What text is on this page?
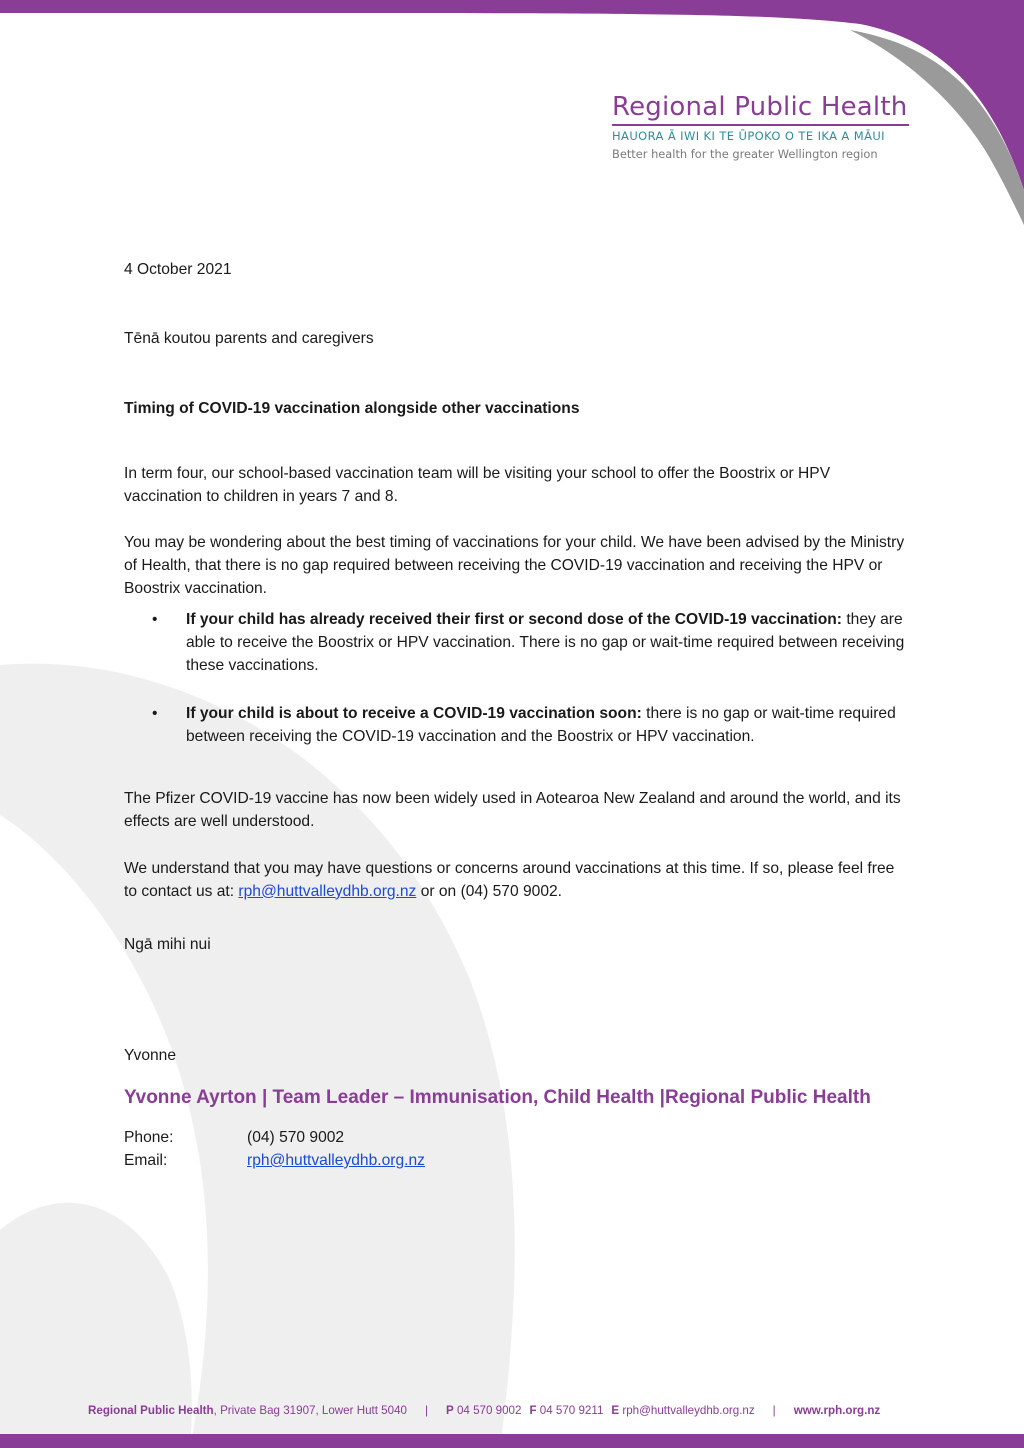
Regional Public Health
HAUORA Ā IWI KI TE ŪPOKO O TE IKA A MĀUI
Better health for the greater Wellington region
4 October 2021
Tēnā koutou parents and caregivers
Timing of COVID-19 vaccination alongside other vaccinations

In term four, our school-based vaccination team will be visiting your school to offer the Boostrix or HPV vaccination to children in years 7 and 8.

You may be wondering about the best timing of vaccinations for your child. We have been advised by the Ministry of Health, that there is no gap required between receiving the COVID-19 vaccination and receiving the HPV or Boostrix vaccination.

•	If your child has already received their first or second dose of the COVID-19 vaccination: they are able to receive the Boostrix or HPV vaccination. There is no gap or wait-time required between receiving these vaccinations.
•	If your child is about to receive a COVID-19 vaccination soon: there is no gap or wait-time required between receiving the COVID-19 vaccination and the Boostrix or HPV vaccination.

The Pfizer COVID-19 vaccine has now been widely used in Aotearoa New Zealand and around the world, and its effects are well understood.

We understand that you may have questions or concerns around vaccinations at this time. If so, please feel free to contact us at: rph@huttvalleydhb.org.nz or on (04) 570 9002.

Ngā mihi nui
Yvonne
Yvonne Ayrton | Team Leader – Immunisation, Child Health |Regional Public Health
Phone:	(04) 570 9002
Email:	rph@huttvalleydhb.org.nz
Regional Public Health, Private Bag 31907, Lower Hutt 5040 | P 04 570 9002 F 04 570 9211 E rph@huttvalleydhb.org.nz | www.rph.org.nz
